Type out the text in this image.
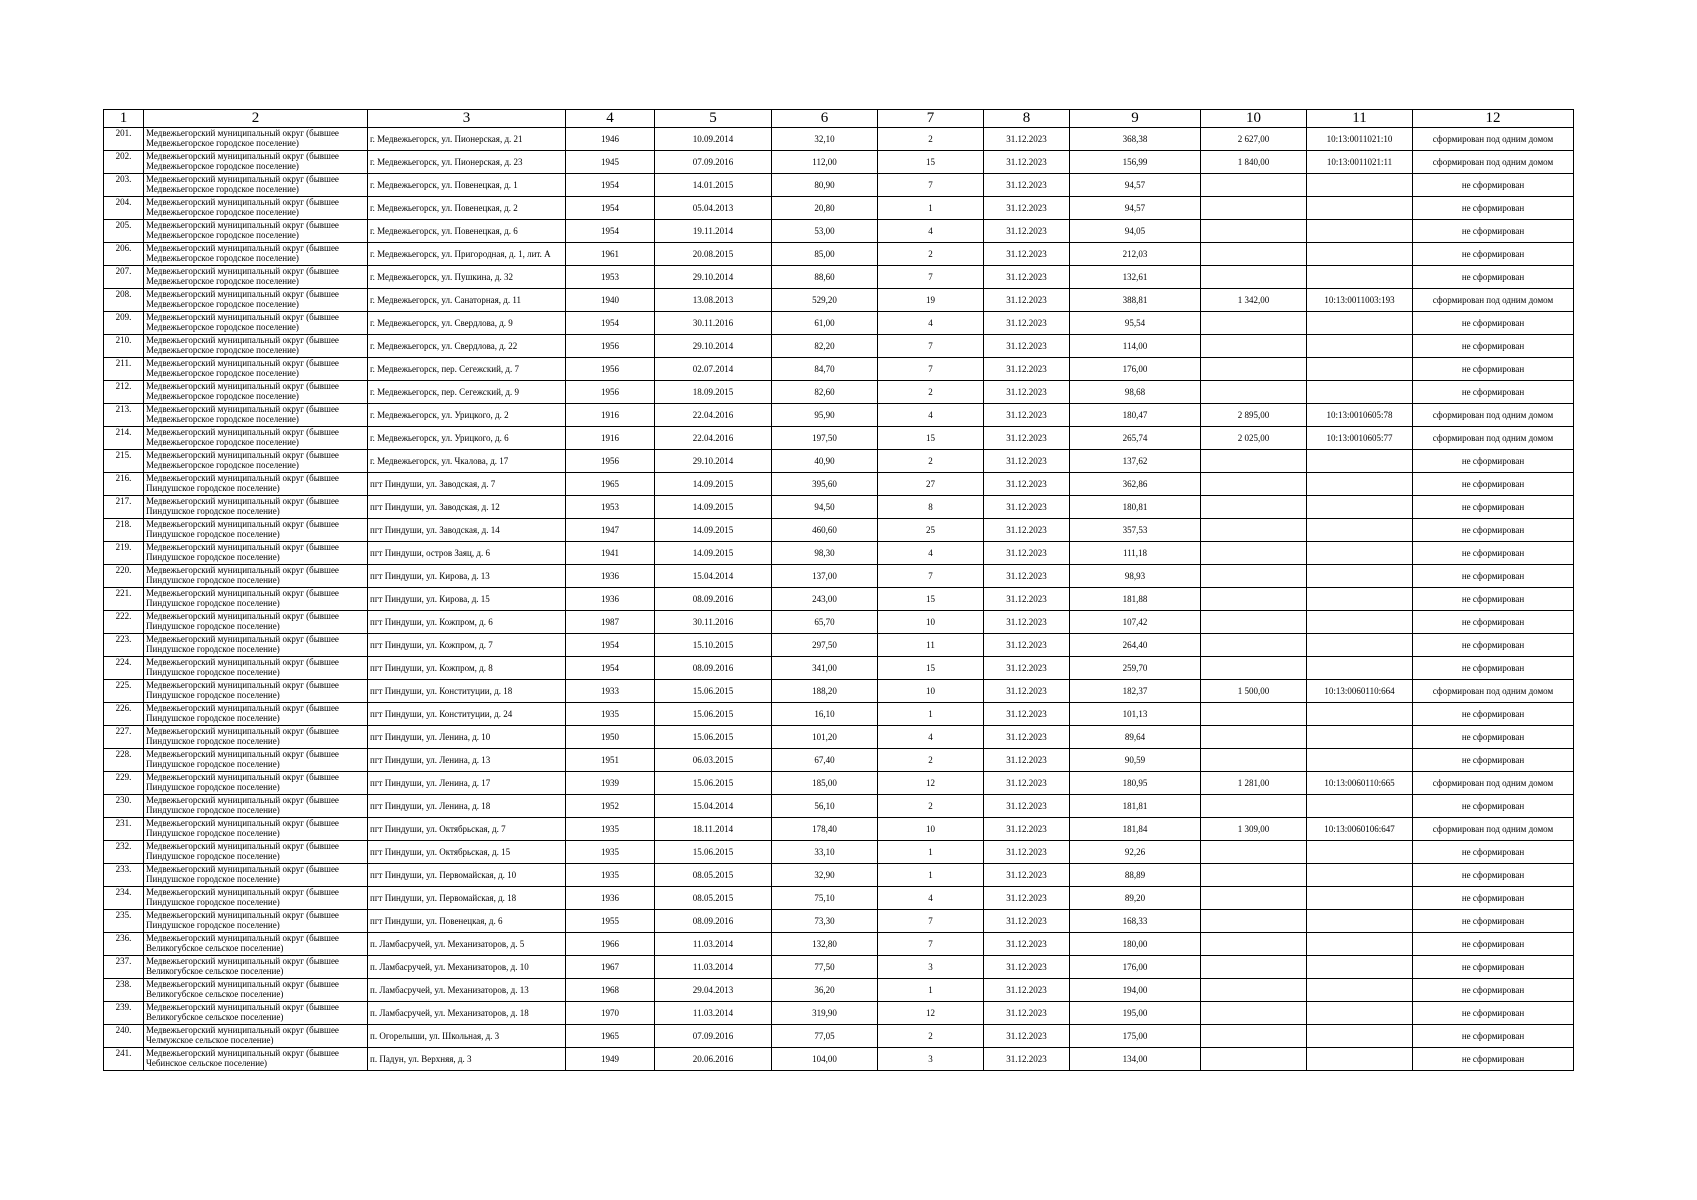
1	2	3	4	5	6	7	8	9	10	11	12
201.	Медвежьегорский муниципальный округ (бывшее Медвежьегорское городское поселение)	г. Медвежьегорск, ул. Пионерская, д. 21	1946	10.09.2014	32,10	2	31.12.2023	368,38	2 627,00	10:13:0011021:10	сформирован под одним домом
202.	Медвежьегорский муниципальный округ (бывшее Медвежьегорское городское поселение)	г. Медвежьегорск, ул. Пионерская, д. 23	1945	07.09.2016	112,00	15	31.12.2023	156,99	1 840,00	10:13:0011021:11	сформирован под одним домом
203.	Медвежьегорский муниципальный округ (бывшее Медвежьегорское городское поселение)	г. Медвежьегорск, ул. Повенецкая, д. 1	1954	14.01.2015	80,90	7	31.12.2023	94,57			не сформирован
204.	Медвежьегорский муниципальный округ (бывшее Медвежьегорское городское поселение)	г. Медвежьегорск, ул. Повенецкая, д. 2	1954	05.04.2013	20,80	1	31.12.2023	94,57			не сформирован
205.	Медвежьегорский муниципальный округ (бывшее Медвежьегорское городское поселение)	г. Медвежьегорск, ул. Повенецкая, д. 6	1954	19.11.2014	53,00	4	31.12.2023	94,05			не сформирован
206.	Медвежьегорский муниципальный округ (бывшее Медвежьегорское городское поселение)	г. Медвежьегорск, ул. Пригородная, д. 1, лит. А	1961	20.08.2015	85,00	2	31.12.2023	212,03			не сформирован
207.	Медвежьегорский муниципальный округ (бывшее Медвежьегорское городское поселение)	г. Медвежьегорск, ул. Пушкина, д. 32	1953	29.10.2014	88,60	7	31.12.2023	132,61			не сформирован
208.	Медвежьегорский муниципальный округ (бывшее Медвежьегорское городское поселение)	г. Медвежьегорск, ул. Санаторная, д. 11	1940	13.08.2013	529,20	19	31.12.2023	388,81	1 342,00	10:13:0011003:193	сформирован под одним домом
209.	Медвежьегорский муниципальный округ (бывшее Медвежьегорское городское поселение)	г. Медвежьегорск, ул. Свердлова, д. 9	1954	30.11.2016	61,00	4	31.12.2023	95,54			не сформирован
210.	Медвежьегорский муниципальный округ (бывшее Медвежьегорское городское поселение)	г. Медвежьегорск, ул. Свердлова, д. 22	1956	29.10.2014	82,20	7	31.12.2023	114,00			не сформирован
211.	Медвежьегорский муниципальный округ (бывшее Медвежьегорское городское поселение)	г. Медвежьегорск, пер. Сегежский, д. 7	1956	02.07.2014	84,70	7	31.12.2023	176,00			не сформирован
212.	Медвежьегорский муниципальный округ (бывшее Медвежьегорское городское поселение)	г. Медвежьегорск, пер. Сегежский, д. 9	1956	18.09.2015	82,60	2	31.12.2023	98,68			не сформирован
213.	Медвежьегорский муниципальный округ (бывшее Медвежьегорское городское поселение)	г. Медвежьегорск, ул. Урицкого, д. 2	1916	22.04.2016	95,90	4	31.12.2023	180,47	2 895,00	10:13:0010605:78	сформирован под одним домом
214.	Медвежьегорский муниципальный округ (бывшее Медвежьегорское городское поселение)	г. Медвежьегорск, ул. Урицкого, д. 6	1916	22.04.2016	197,50	15	31.12.2023	265,74	2 025,00	10:13:0010605:77	сформирован под одним домом
215.	Медвежьегорский муниципальный округ (бывшее Медвежьегорское городское поселение)	г. Медвежьегорск, ул. Чкалова, д. 17	1956	29.10.2014	40,90	2	31.12.2023	137,62			не сформирован
216.	Медвежьегорский муниципальный округ (бывшее Пиндушское городское поселение)	пгт Пиндуши, ул. Заводская, д. 7	1965	14.09.2015	395,60	27	31.12.2023	362,86			не сформирован
217.	Медвежьегорский муниципальный округ (бывшее Пиндушское городское поселение)	пгт Пиндуши, ул. Заводская, д. 12	1953	14.09.2015	94,50	8	31.12.2023	180,81			не сформирован
218.	Медвежьегорский муниципальный округ (бывшее Пиндушское городское поселение)	пгт Пиндуши, ул. Заводская, д. 14	1947	14.09.2015	460,60	25	31.12.2023	357,53			не сформирован
219.	Медвежьегорский муниципальный округ (бывшее Пиндушское городское поселение)	пгт Пиндуши, остров Заяц, д. 6	1941	14.09.2015	98,30	4	31.12.2023	111,18			не сформирован
220.	Медвежьегорский муниципальный округ (бывшее Пиндушское городское поселение)	пгт Пиндуши, ул. Кирова, д. 13	1936	15.04.2014	137,00	7	31.12.2023	98,93			не сформирован
221.	Медвежьегорский муниципальный округ (бывшее Пиндушское городское поселение)	пгт Пиндуши, ул. Кирова, д. 15	1936	08.09.2016	243,00	15	31.12.2023	181,88			не сформирован
222.	Медвежьегорский муниципальный округ (бывшее Пиндушское городское поселение)	пгт Пиндуши, ул. Кожпром, д. 6	1987	30.11.2016	65,70	10	31.12.2023	107,42			не сформирован
223.	Медвежьегорский муниципальный округ (бывшее Пиндушское городское поселение)	пгт Пиндуши, ул. Кожпром, д. 7	1954	15.10.2015	297,50	11	31.12.2023	264,40			не сформирован
224.	Медвежьегорский муниципальный округ (бывшее Пиндушское городское поселение)	пгт Пиндуши, ул. Кожпром, д. 8	1954	08.09.2016	341,00	15	31.12.2023	259,70			не сформирован
225.	Медвежьегорский муниципальный округ (бывшее Пиндушское городское поселение)	пгт Пиндуши, ул. Конституции, д. 18	1933	15.06.2015	188,20	10	31.12.2023	182,37	1 500,00	10:13:0060110:664	сформирован под одним домом
226.	Медвежьегорский муниципальный округ (бывшее Пиндушское городское поселение)	пгт Пиндуши, ул. Конституции, д. 24	1935	15.06.2015	16,10	1	31.12.2023	101,13			не сформирован
227.	Медвежьегорский муниципальный округ (бывшее Пиндушское городское поселение)	пгт Пиндуши, ул. Ленина, д. 10	1950	15.06.2015	101,20	4	31.12.2023	89,64			не сформирован
228.	Медвежьегорский муниципальный округ (бывшее Пиндушское городское поселение)	пгт Пиндуши, ул. Ленина, д. 13	1951	06.03.2015	67,40	2	31.12.2023	90,59			не сформирован
229.	Медвежьегорский муниципальный округ (бывшее Пиндушское городское поселение)	пгт Пиндуши, ул. Ленина, д. 17	1939	15.06.2015	185,00	12	31.12.2023	180,95	1 281,00	10:13:0060110:665	сформирован под одним домом
230.	Медвежьегорский муниципальный округ (бывшее Пиндушское городское поселение)	пгт Пиндуши, ул. Ленина, д. 18	1952	15.04.2014	56,10	2	31.12.2023	181,81			не сформирован
231.	Медвежьегорский муниципальный округ (бывшее Пиндушское городское поселение)	пгт Пиндуши, ул. Октябрьская, д. 7	1935	18.11.2014	178,40	10	31.12.2023	181,84	1 309,00	10:13:0060106:647	сформирован под одним домом
232.	Медвежьегорский муниципальный округ (бывшее Пиндушское городское поселение)	пгт Пиндуши, ул. Октябрьская, д. 15	1935	15.06.2015	33,10	1	31.12.2023	92,26			не сформирован
233.	Медвежьегорский муниципальный округ (бывшее Пиндушское городское поселение)	пгт Пиндуши, ул. Первомайская, д. 10	1935	08.05.2015	32,90	1	31.12.2023	88,89			не сформирован
234.	Медвежьегорский муниципальный округ (бывшее Пиндушское городское поселение)	пгт Пиндуши, ул. Первомайская, д. 18	1936	08.05.2015	75,10	4	31.12.2023	89,20			не сформирован
235.	Медвежьегорский муниципальный округ (бывшее Пиндушское городское поселение)	пгт Пиндуши, ул. Повенецкая, д. 6	1955	08.09.2016	73,30	7	31.12.2023	168,33			не сформирован
236.	Медвежьегорский муниципальный округ (бывшее Великогубское сельское поселение)	п. Ламбасручей, ул. Механизаторов, д. 5	1966	11.03.2014	132,80	7	31.12.2023	180,00			не сформирован
237.	Медвежьегорский муниципальный округ (бывшее Великогубское сельское поселение)	п. Ламбасручей, ул. Механизаторов, д. 10	1967	11.03.2014	77,50	3	31.12.2023	176,00			не сформирован
238.	Медвежьегорский муниципальный округ (бывшее Великогубское сельское поселение)	п. Ламбасручей, ул. Механизаторов, д. 13	1968	29.04.2013	36,20	1	31.12.2023	194,00			не сформирован
239.	Медвежьегорский муниципальный округ (бывшее Великогубское сельское поселение)	п. Ламбасручей, ул. Механизаторов, д. 18	1970	11.03.2014	319,90	12	31.12.2023	195,00			не сформирован
240.	Медвежьегорский муниципальный округ (бывшее Челмужское сельское поселение)	п. Огорелыши, ул. Школьная, д. 3	1965	07.09.2016	77,05	2	31.12.2023	175,00			не сформирован
241.	Медвежьегорский муниципальный округ (бывшее Чебинское сельское поселение)	п. Падун, ул. Верхняя, д. 3	1949	20.06.2016	104,00	3	31.12.2023	134,00			не сформирован
